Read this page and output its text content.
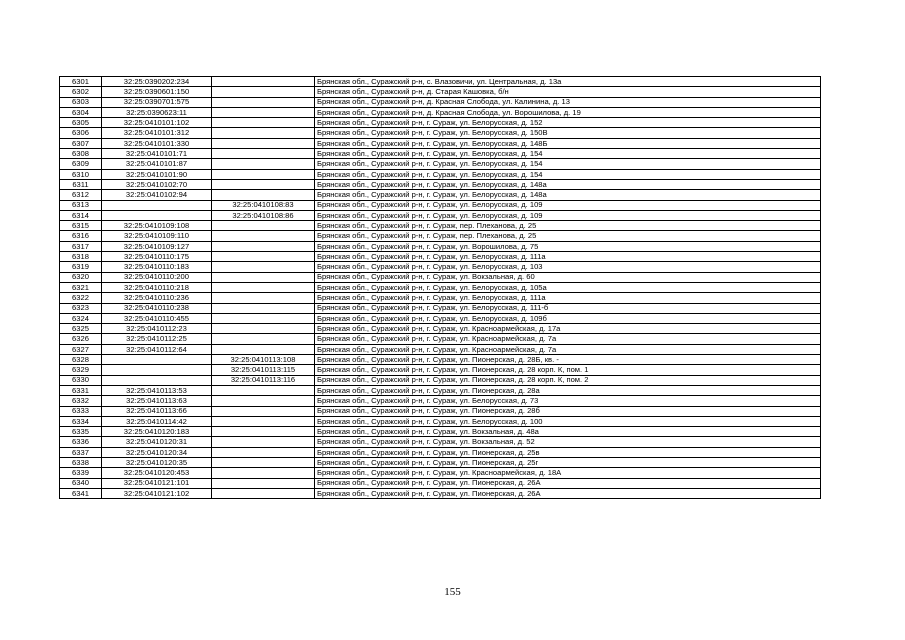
6301	32:25:0390202:234		Брянская обл., Суражский р-н, с. Влазовичи, ул. Центральная, д. 13а
6302	32:25:0390601:150		Брянская обл., Суражский р-н, д. Старая Кашовка, б/н
6303	32:25:0390701:575		Брянская обл., Суражский р-н, д. Красная Слобода, ул. Калинина, д. 13
6304	32:25:0390623:11		Брянская обл., Суражский р-н, д. Красная Слобода, ул. Ворошилова, д. 19
6305	32:25:0410101:102		Брянская обл., Суражский р-н, г. Сураж, ул. Белорусская, д. 152
6306	32:25:0410101:312		Брянская обл., Суражский р-н, г. Сураж, ул. Белорусская, д. 150В
6307	32:25:0410101:330		Брянская обл., Суражский р-н, г. Сураж, ул. Белорусская, д. 148Б
6308	32:25:0410101:71		Брянская обл., Суражский р-н, г. Сураж, ул. Белорусская, д. 154
6309	32:25:0410101:87		Брянская обл., Суражский р-н, г. Сураж, ул. Белорусская, д. 154
6310	32:25:0410101:90		Брянская обл., Суражский р-н, г. Сураж, ул. Белорусская, д. 154
6311	32:25:0410102:70		Брянская обл., Суражский р-н, г. Сураж, ул. Белорусская, д. 148а
6312	32:25:0410102:94		Брянская обл., Суражский р-н, г. Сураж, ул. Белорусская, д. 148а
6313		32:25:0410108:83	Брянская обл., Суражский р-н, г. Сураж, ул. Белорусская, д. 109
6314		32:25:0410108:86	Брянская обл., Суражский р-н, г. Сураж, ул. Белорусская, д. 109
6315	32:25:0410109:108		Брянская обл., Суражский р-н, г. Сураж, пер. Плеханова, д. 25
6316	32:25:0410109:110		Брянская обл., Суражский р-н, г. Сураж, пер. Плеханова, д. 25
6317	32:25:0410109:127		Брянская обл., Суражский р-н, г. Сураж, ул. Ворошилова, д. 75
6318	32:25:0410110:175		Брянская обл., Суражский р-н, г. Сураж, ул. Белорусская, д. 111а
6319	32:25:0410110:183		Брянская обл., Суражский р-н, г. Сураж, ул. Белорусская, д. 103
6320	32:25:0410110:200		Брянская обл., Суражский р-н, г. Сураж, ул. Вокзальная, д. 60
6321	32:25:0410110:218		Брянская обл., Суражский р-н, г. Сураж, ул. Белорусская, д. 105а
6322	32:25:0410110:236		Брянская обл., Суражский р-н, г. Сураж, ул. Белорусская, д. 111а
6323	32:25:0410110:238		Брянская обл., Суражский р-н, г. Сураж, ул. Белорусская, д. 111-б
6324	32:25:0410110:455		Брянская обл., Суражский р-н, г. Сураж, ул. Белорусская, д. 109б
6325	32:25:0410112:23		Брянская обл., Суражский р-н, г. Сураж, ул. Красноармейская, д. 17а
6326	32:25:0410112:25		Брянская обл., Суражский р-н, г. Сураж, ул. Красноармейская, д. 7а
6327	32:25:0410112:64		Брянская обл., Суражский р-н, г. Сураж, ул. Красноармейская, д. 7а
6328		32:25:0410113:108	Брянская обл., Суражский р-н, г. Сураж, ул. Пионерская, д. 28Б, кв. -
6329		32:25:0410113:115	Брянская обл., Суражский р-н, г. Сураж, ул. Пионерская, д. 28 корп. К, пом. 1
6330		32:25:0410113:116	Брянская обл., Суражский р-н, г. Сураж, ул. Пионерская, д. 28 корп. К, пом. 2
6331	32:25:0410113:53		Брянская обл., Суражский р-н, г. Сураж, ул. Пионерская, д. 28а
6332	32:25:0410113:63		Брянская обл., Суражский р-н, г. Сураж, ул. Белорусская, д. 73
6333	32:25:0410113:66		Брянская обл., Суражский р-н, г. Сураж, ул. Пионерская, д. 28б
6334	32:25:0410114:42		Брянская обл., Суражский р-н, г. Сураж, ул. Белорусская, д. 100
6335	32:25:0410120:183		Брянская обл., Суражский р-н, г. Сураж, ул. Вокзальная, д. 48а
6336	32:25:0410120:31		Брянская обл., Суражский р-н, г. Сураж, ул. Вокзальная, д. 52
6337	32:25:0410120:34		Брянская обл., Суражский р-н, г. Сураж, ул. Пионерская, д. 25в
6338	32:25:0410120:35		Брянская обл., Суражский р-н, г. Сураж, ул. Пионерская, д. 25г
6339	32:25:0410120:453		Брянская обл., Суражский р-н, г. Сураж, ул. Красноармейская, д. 18А
6340	32:25:0410121:101		Брянская обл., Суражский р-н, г. Сураж, ул. Пионерская, д. 26А
6341	32:25:0410121:102		Брянская обл., Суражский р-н, г. Сураж, ул. Пионерская, д. 26А
155
